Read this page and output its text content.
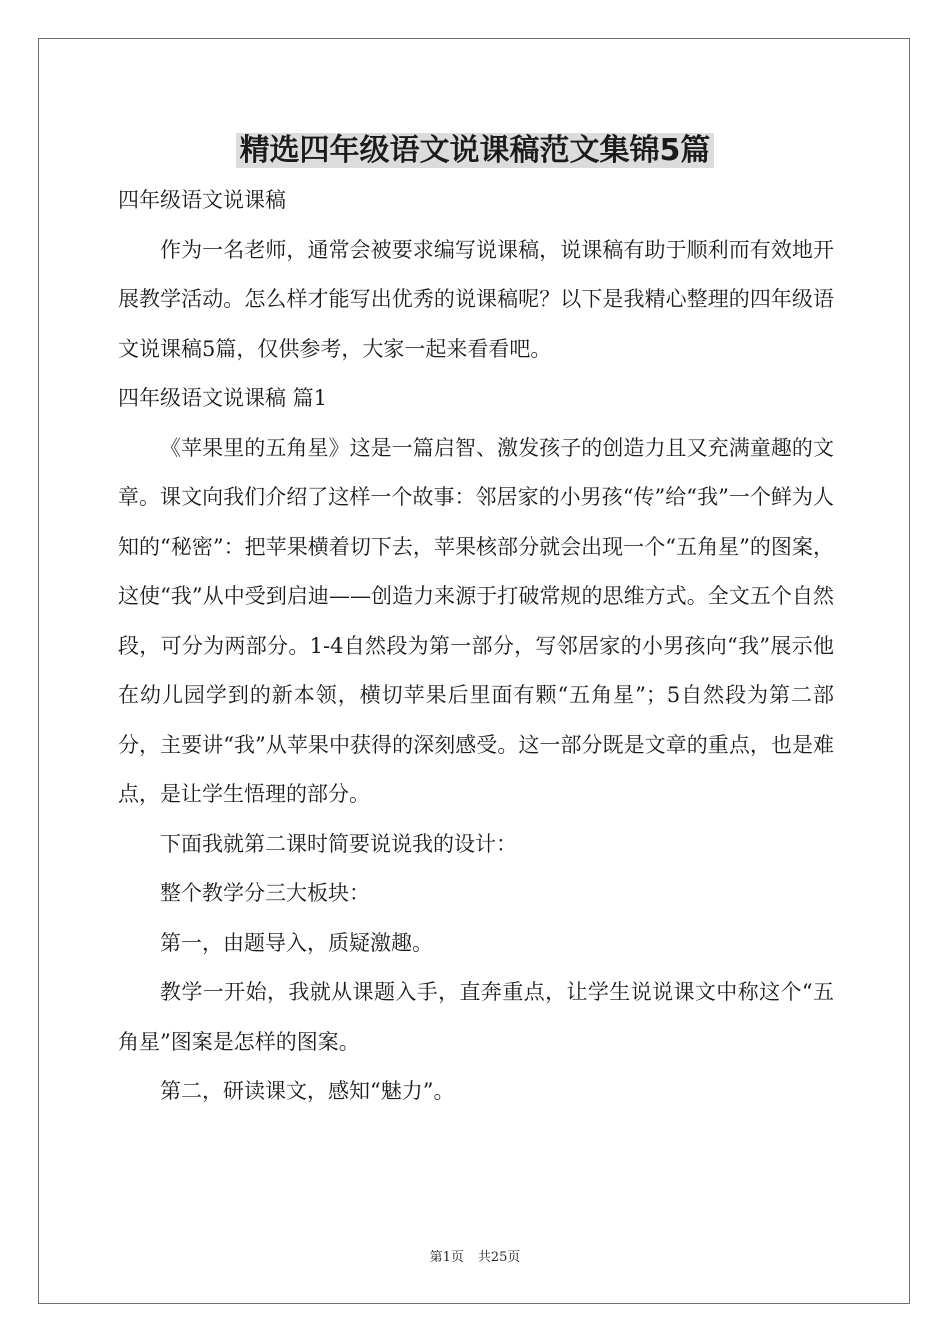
精选四年级语文说课稿范文集锦5篇

四年级语文说课稿

作为一名老师，通常会被要求编写说课稿，说课稿有助于顺利而有效地开展教学活动。怎么样才能写出优秀的说课稿呢？以下是我精心整理的四年级语文说课稿5篇，仅供参考，大家一起来看看吧。

四年级语文说课稿 篇1

《苹果里的五角星》这是一篇启智、激发孩子的创造力且又充满童趣的文章。课文向我们介绍了这样一个故事：邻居家的小男孩“传”给“我”一个鲜为人知的“秘密”：把苹果横着切下去，苹果核部分就会出现一个“五角星”的图案，这使“我”从中受到启迪——创造力来源于打破常规的思维方式。全文五个自然段，可分为两部分。1-4自然段为第一部分，写邻居家的小男孩向“我”展示他在幼儿园学到的新本领，横切苹果后里面有颗“五角星”；5自然段为第二部分，主要讲“我”从苹果中获得的深刻感受。这一部分既是文章的重点，也是难点，是让学生悟理的部分。

下面我就第二课时简要说说我的设计：

整个教学分三大板块：

第一，由题导入，质疑激趣。

教学一开始，我就从课题入手，直奔重点，让学生说说课文中称这个“五角星”图案是怎样的图案。

第二，研读课文，感知“魅力”。

第1页 共25页
